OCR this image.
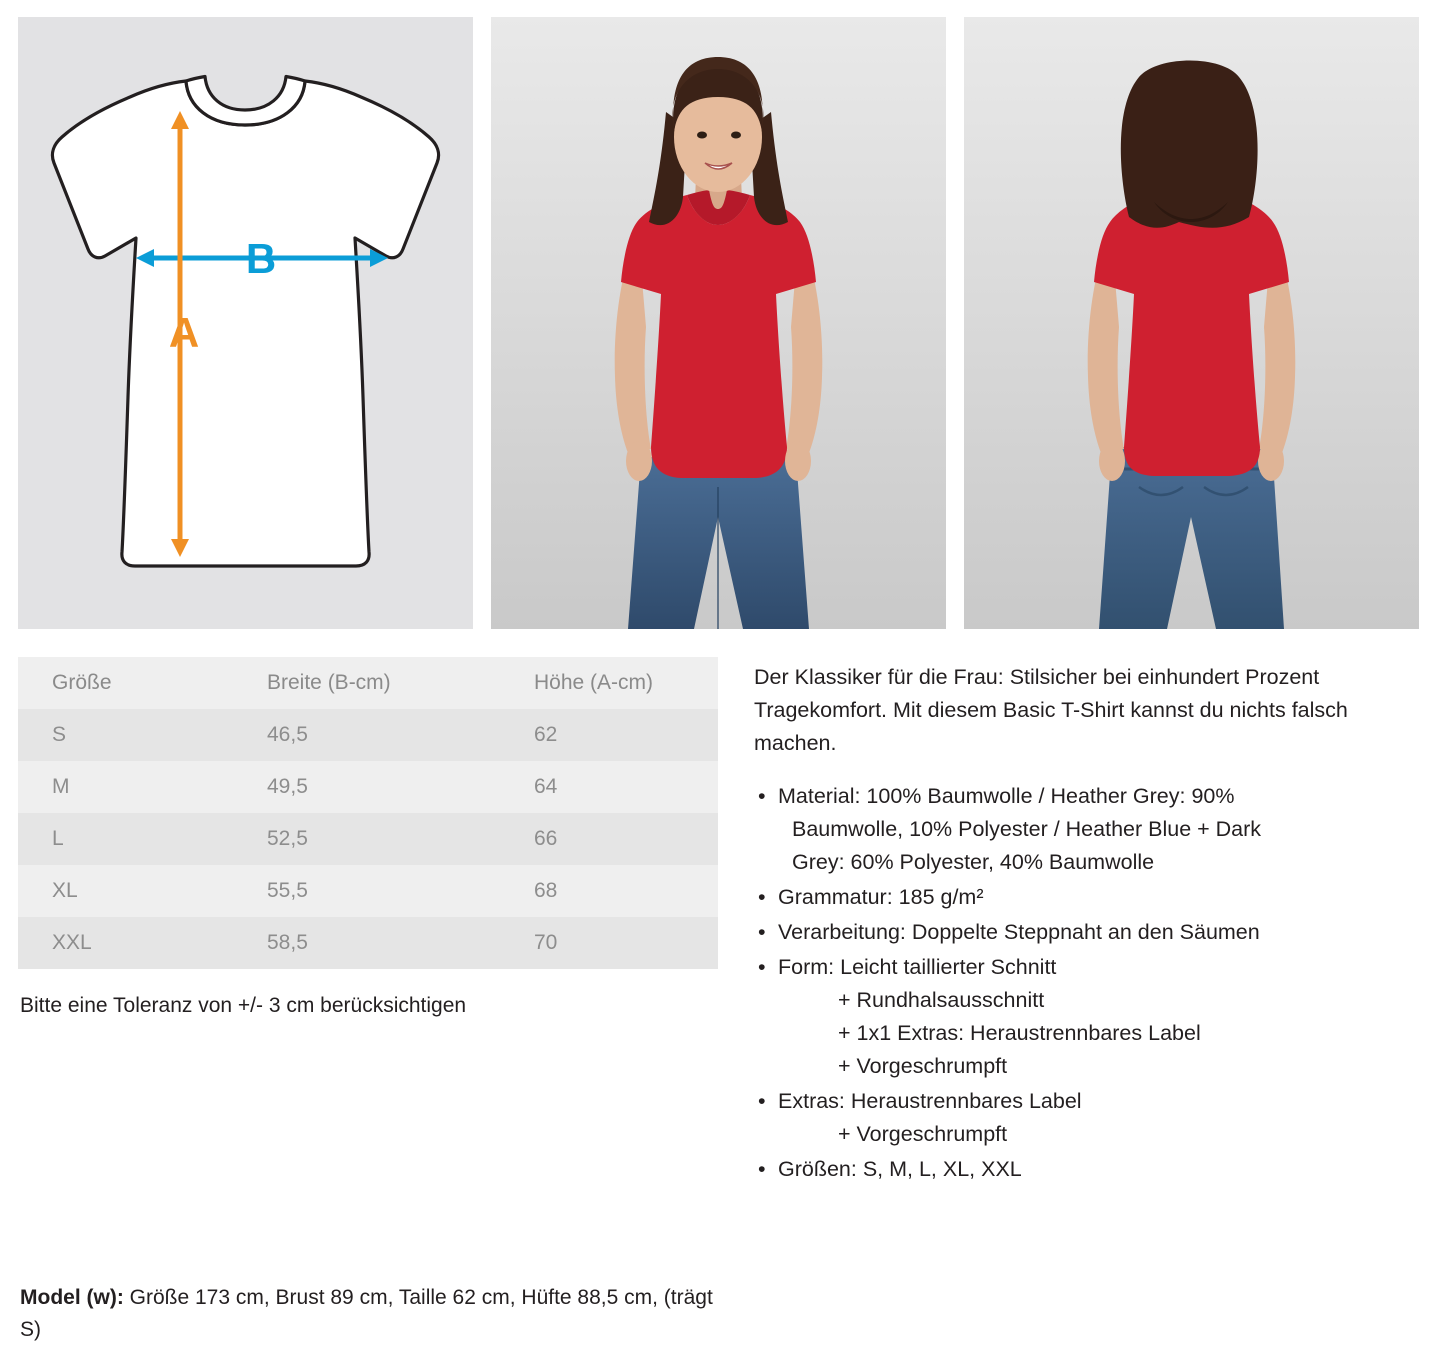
B
A
Größe	Breite (B-cm)	Höhe (A-cm)
S	46,5	62
M	49,5	64
L	52,5	66
XL	55,5	68
XXL	58,5	70
Bitte eine Toleranz von +/- 3 cm berücksichtigen

Der Klassiker für die Frau: Stilsicher bei einhundert Prozent Tragekomfort. Mit diesem Basic T-Shirt kannst du nichts falsch machen.

• Material: 100% Baumwolle / Heather Grey: 90%
Baumwolle, 10% Polyester / Heather Blue + Dark
Grey: 60% Polyester, 40% Baumwolle
• Grammatur: 185 g/m²
• Verarbeitung: Doppelte Steppnaht an den Säumen
• Form: Leicht taillierter Schnitt
+ Rundhalsausschnitt
+ 1x1 Extras: Heraustrennbares Label
+ Vorgeschrumpft
• Extras: Heraustrennbares Label
+ Vorgeschrumpft
• Größen: S, M, L, XL, XXL
Model (w): Größe 173 cm, Brust 89 cm, Taille 62 cm, Hüfte 88,5 cm, (trägt S)
